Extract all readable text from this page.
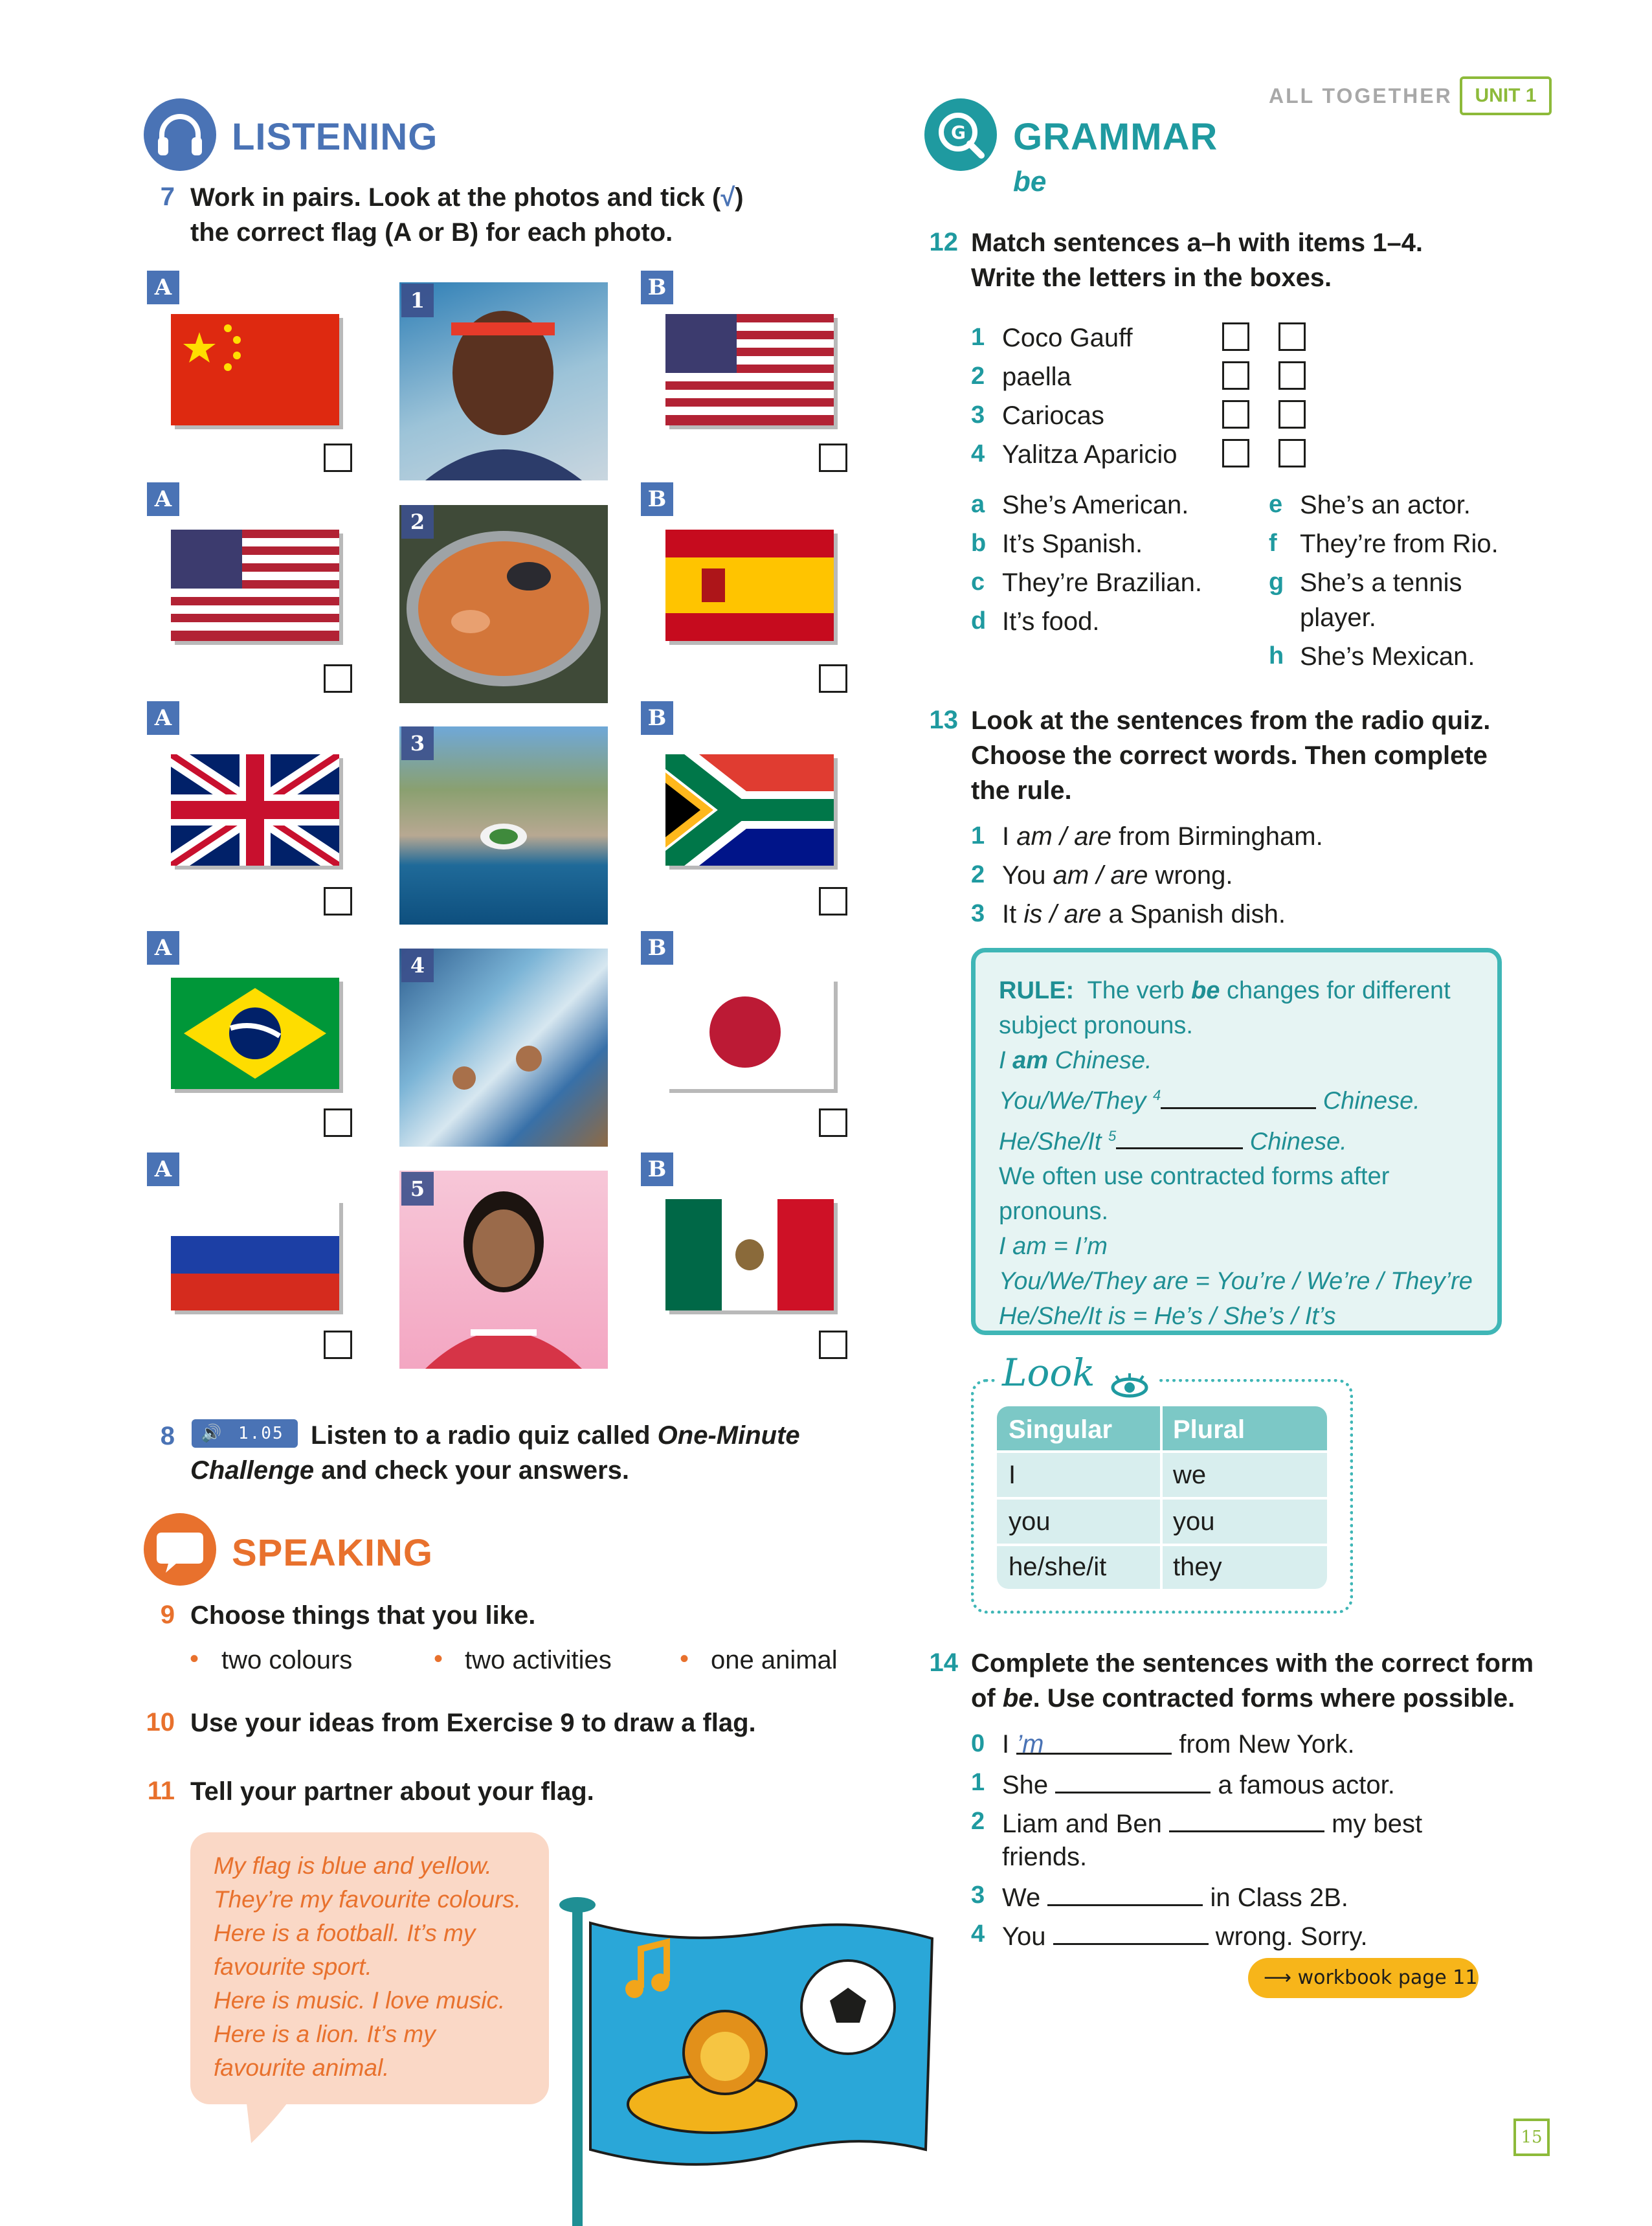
ALL TOGETHER	UNIT 1
LISTENING
7 Work in pairs. Look at the photos and tick (√)
the correct flag (A or B) for each photo.
A	B
1
A	B
2
A	B
3
A	B
4
A	B
5
8 🔊 1.05 Listen to a radio quiz called One-Minute
Challenge and check your answers.
SPEAKING
9 Choose things that you like.
• two colours	• two activities	• one animal
10 Use your ideas from Exercise 9 to draw a flag.
11 Tell your partner about your flag.
My flag is blue and yellow.
They’re my favourite colours.
Here is a football. It’s my
favourite sport.
Here is music. I love music.
Here is a lion. It’s my
favourite animal.
G GRAMMAR
be
12 Match sentences a–h with items 1–4.
Write the letters in the boxes.
1 Coco Gauff
2 paella
3 Cariocas
4 Yalitza Aparicio
a She’s American.
b It’s Spanish.
c They’re Brazilian.
d It’s food.
e She’s an actor.
f They’re from Rio.
g She’s a tennis
player.
h She’s Mexican.
13 Look at the sentences from the radio quiz.
Choose the correct words. Then complete
the rule.
1 I am / are from Birmingham.
2 You am / are wrong.
3 It is / are a Spanish dish.
RULE: The verb be changes for different
subject pronouns.
I am Chinese.
You/We/They $^4$	Chinese.
He/She/It $^5$	Chinese.
We often use contracted forms after
pronouns.
I am = I’m
You/We/They are = You’re / We’re / They’re
He/She/It is = He’s / She’s / It’s
Look
Singular Plural
I	we
you	you
he/she/it	they
14 Complete the sentences with the correct form
of be. Use contracted forms where possible.
0 I ’m	from New York.
1 She	a famous actor.
2 Liam and Ben	my best
friends.
3 We	in Class 2B.
4 You	wrong. Sorry.
⟶ workbook page 11
15
